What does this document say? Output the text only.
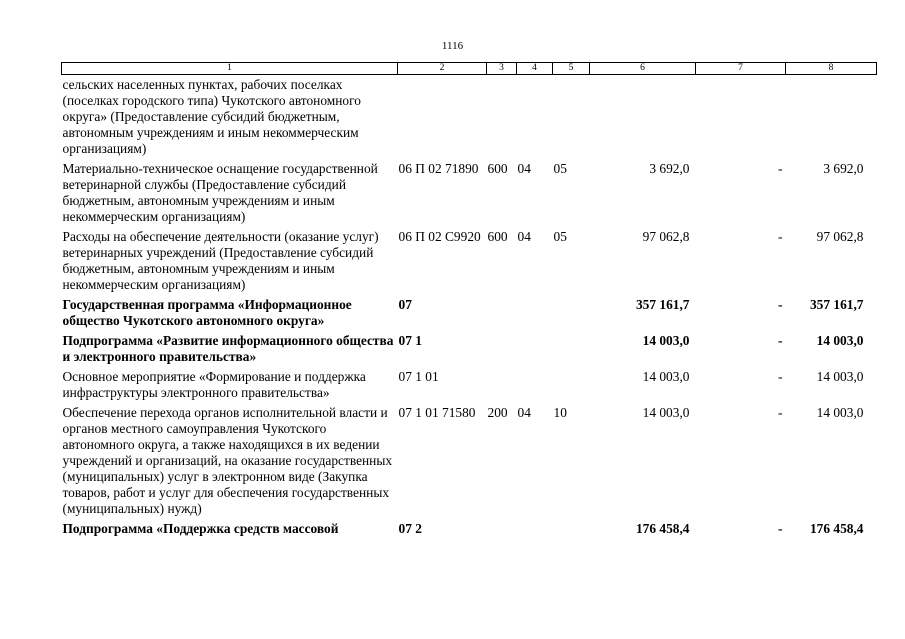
1116
1	2	3	4	5	6	7	8
сельских населенных пунктах, рабочих поселках (поселках городского типа) Чукотского автономного округа» (Предоставление субсидий бюджетным, автономным учреждениям и иным некоммерческим организациям)							
Материально-техническое оснащение государственной ветеринарной службы (Предоставление субсидий бюджетным, автономным учреждениям и иным некоммерческим организациям)	06 П 02 71890	600	04	05	3 692,0	-	3 692,0
Расходы на обеспечение деятельности (оказание услуг) ветеринарных учреждений (Предоставление субсидий бюджетным, автономным учреждениям и иным некоммерческим организациям)	06 П 02 С9920	600	04	05	97 062,8	-	97 062,8
Государственная программа «Информационное общество Чукотского автономного округа»	07				357 161,7	-	357 161,7
Подпрограмма «Развитие информационного общества и электронного правительства»	07 1				14 003,0	-	14 003,0
Основное мероприятие «Формирование и поддержка инфраструктуры электронного правительства»	07 1 01				14 003,0	-	14 003,0
Обеспечение перехода органов исполнительной власти и органов местного самоуправления Чукотского автономного округа, а также находящихся в их ведении учреждений и организаций, на оказание государственных (муниципальных) услуг в электронном виде (Закупка товаров, работ и услуг для обеспечения государственных (муниципальных) нужд)	07 1 01 71580	200	04	10	14 003,0	-	14 003,0
Подпрограмма «Поддержка средств массовой	07 2				176 458,4	-	176 458,4
